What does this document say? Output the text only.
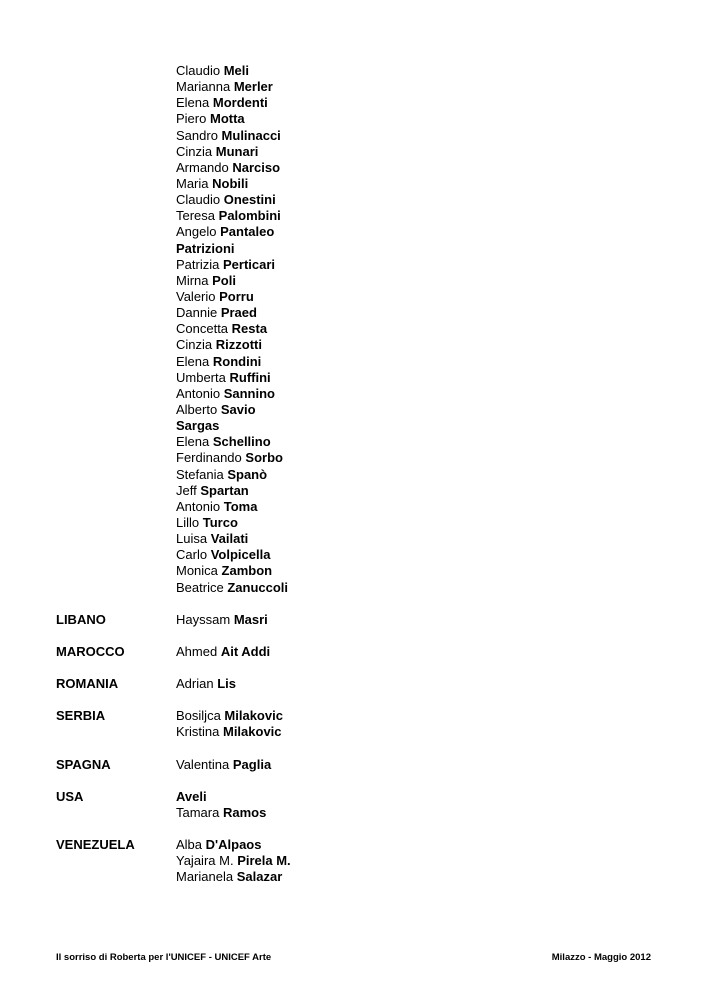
Claudio Meli
Marianna Merler
Elena Mordenti
Piero Motta
Sandro Mulinacci
Cinzia Munari
Armando Narciso
Maria Nobili
Claudio Onestini
Teresa Palombini
Angelo Pantaleo
Patrizioni
Patrizia Perticari
Mirna Poli
Valerio Porru
Dannie Praed
Concetta Resta
Cinzia Rizzotti
Elena Rondini
Umberta Ruffini
Antonio Sannino
Alberto Savio
Sargas
Elena Schellino
Ferdinando Sorbo
Stefania Spanò
Jeff Spartan
Antonio Toma
Lillo Turco
Luisa Vailati
Carlo Volpicella
Monica Zambon
Beatrice Zanuccoli
LIBANO	Hayssam Masri
MAROCCO	Ahmed Ait Addi
ROMANIA	Adrian Lis
SERBIA	Bosiljca Milakovic
Kristina Milakovic
SPAGNA	Valentina Paglia
USA	Aveli
Tamara Ramos
VENEZUELA	Alba D'Alpaos
Yajaira M. Pirela M.
Marianela Salazar
Il sorriso di Roberta per l'UNICEF - UNICEF Arte	Milazzo - Maggio 2012
